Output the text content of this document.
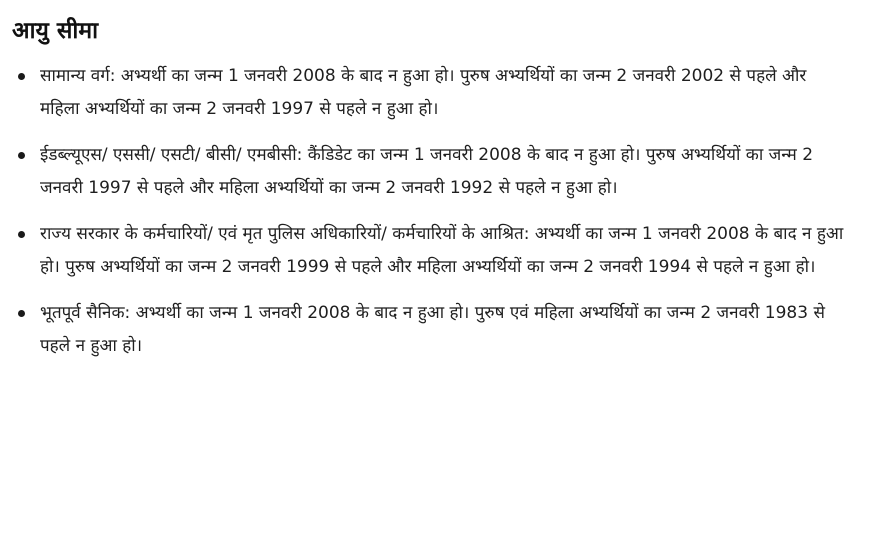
आयु सीमा
सामान्य वर्ग: अभ्यर्थी का जन्म 1 जनवरी 2008 के बाद न हुआ हो। पुरुष अभ्यर्थियों का जन्म 2 जनवरी 2002 से पहले और महिला अभ्यर्थियों का जन्म 2 जनवरी 1997 से पहले न हुआ हो।
ईडब्ल्यूएस/ एससी/ एसटी/ बीसी/ एमबीसी: कैंडिडेट का जन्म 1 जनवरी 2008 के बाद न हुआ हो। पुरुष अभ्यर्थियों का जन्म 2 जनवरी 1997 से पहले और महिला अभ्यर्थियों का जन्म 2 जनवरी 1992 से पहले न हुआ हो।
राज्य सरकार के कर्मचारियों/ एवं मृत पुलिस अधिकारियों/ कर्मचारियों के आश्रित: अभ्यर्थी का जन्म 1 जनवरी 2008 के बाद न हुआ हो। पुरुष अभ्यर्थियों का जन्म 2 जनवरी 1999 से पहले और महिला अभ्यर्थियों का जन्म 2 जनवरी 1994 से पहले न हुआ हो।
भूतपूर्व सैनिक: अभ्यर्थी का जन्म 1 जनवरी 2008 के बाद न हुआ हो। पुरुष एवं महिला अभ्यर्थियों का जन्म 2 जनवरी 1983 से पहले न हुआ हो।
